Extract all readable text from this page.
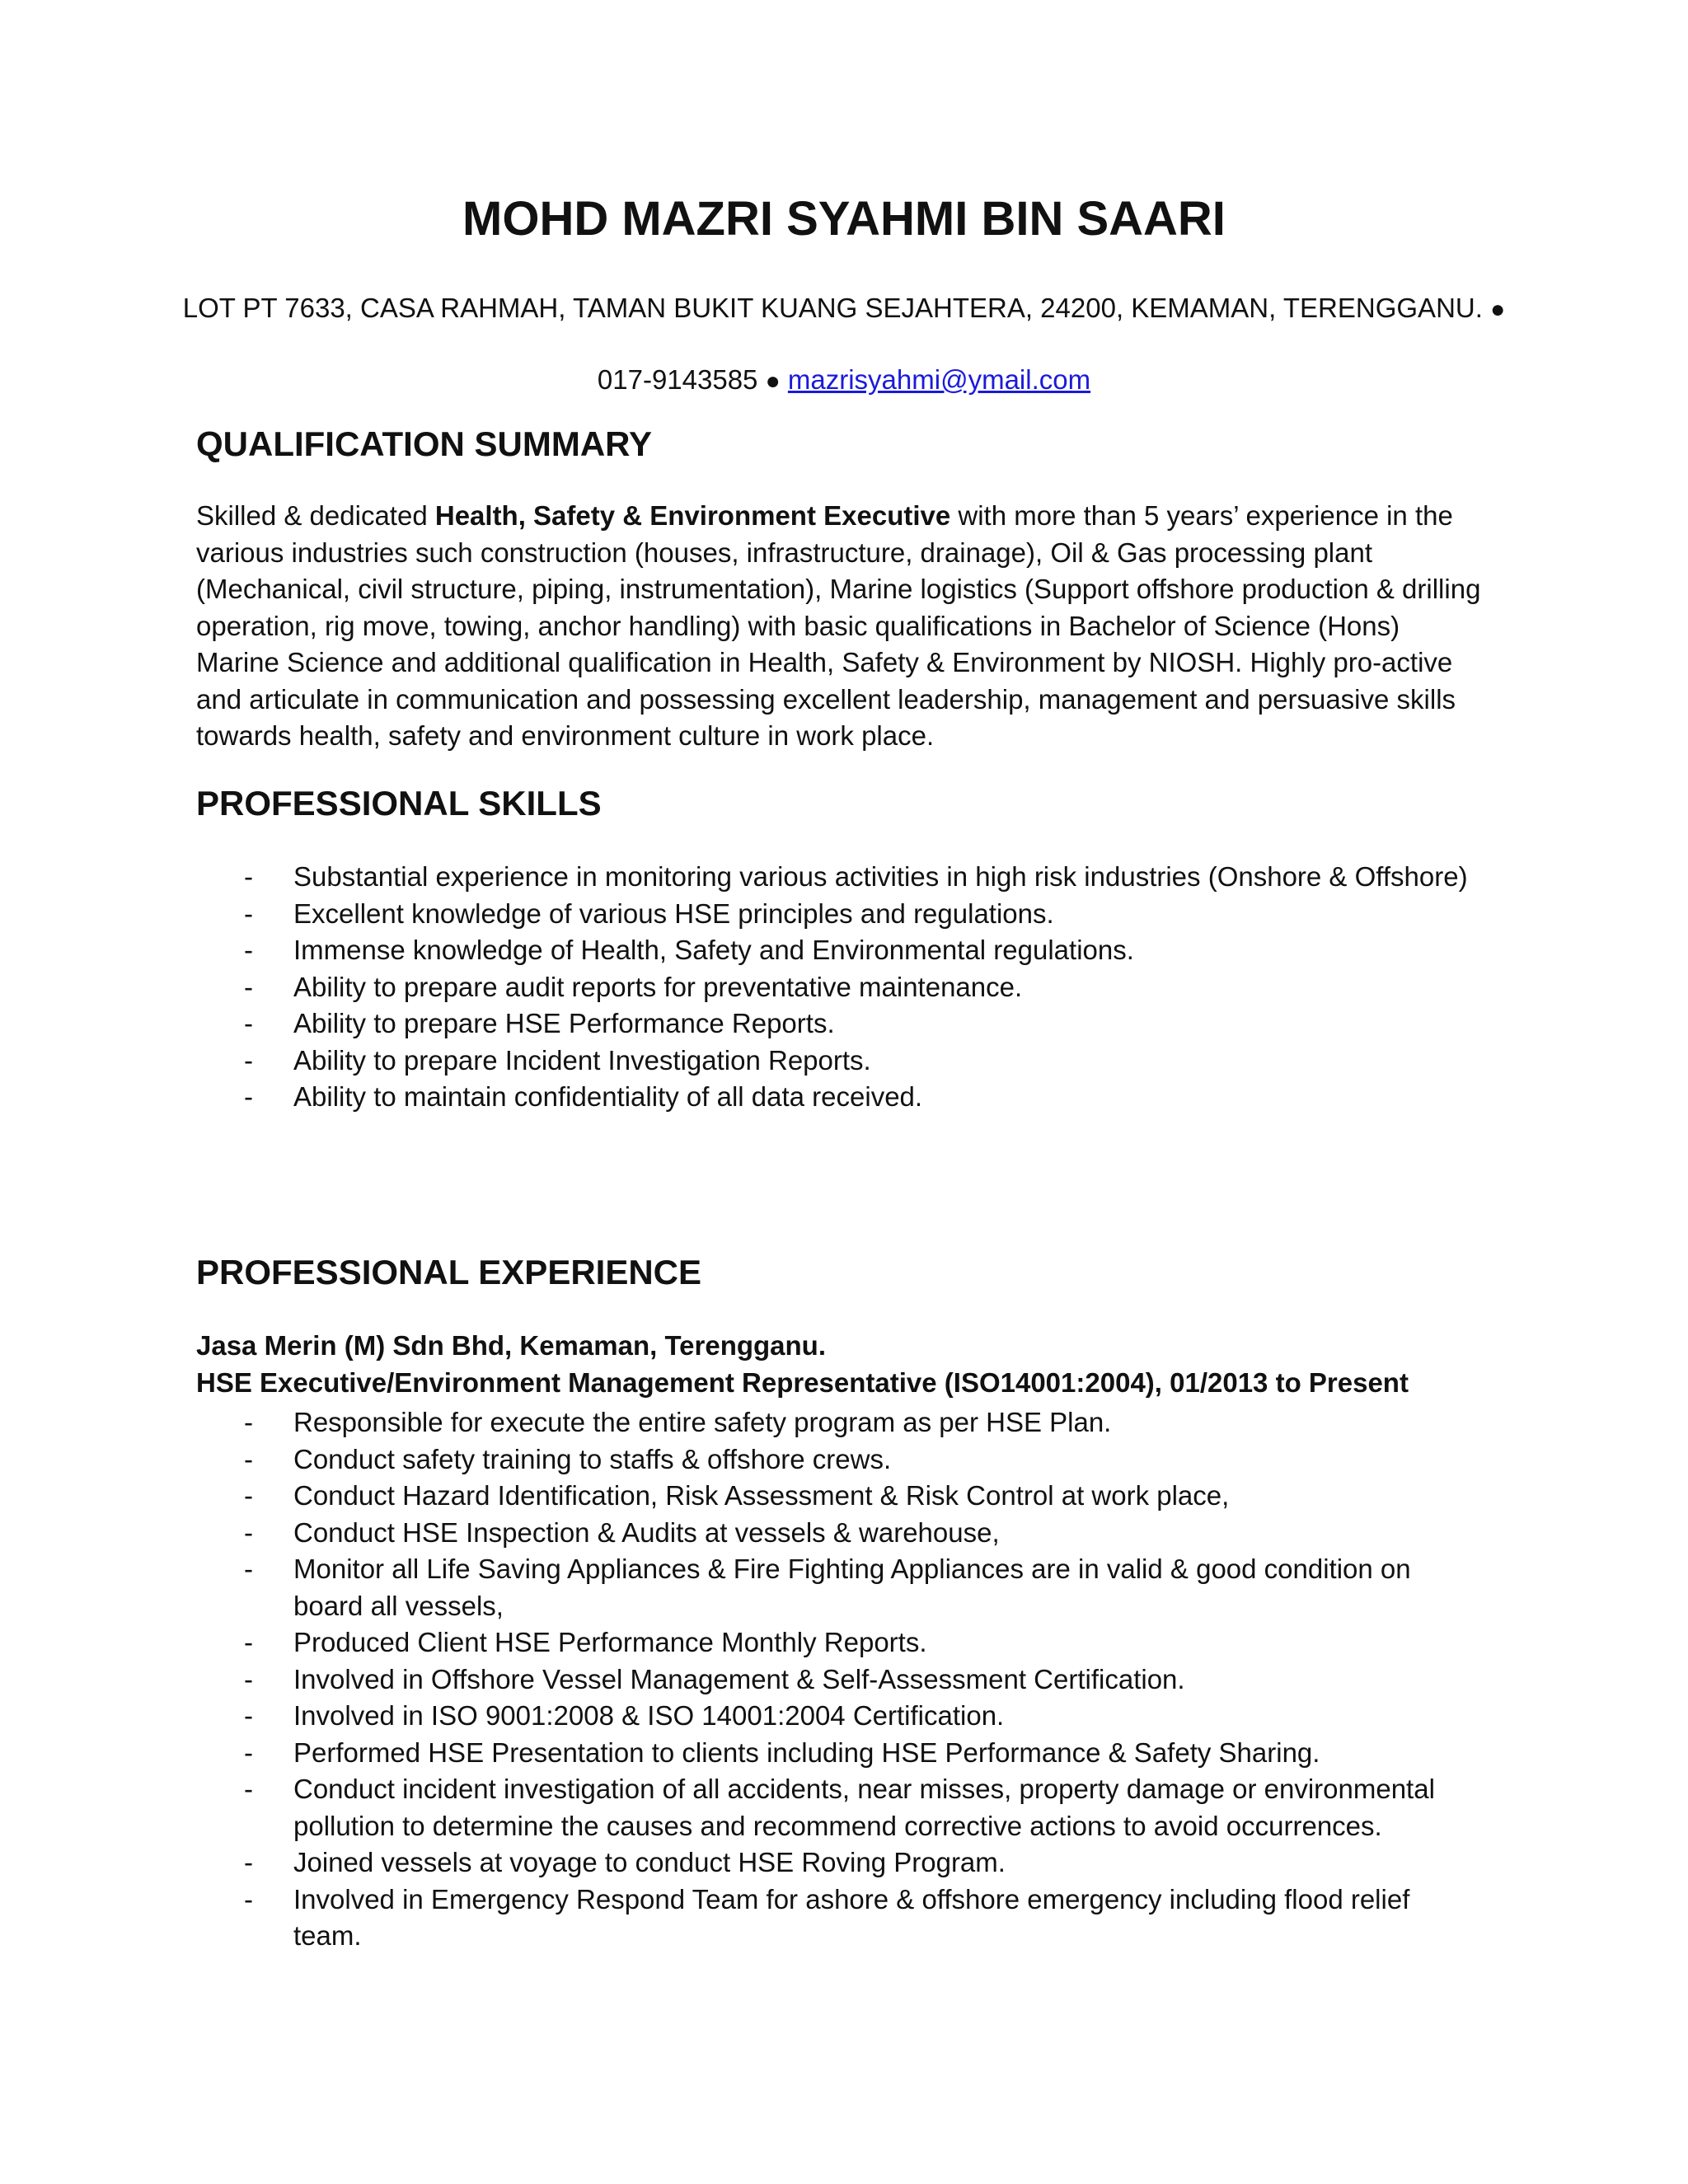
MOHD MAZRI SYAHMI BIN SAARI
LOT PT 7633, CASA RAHMAH, TAMAN BUKIT KUANG SEJAHTERA, 24200, KEMAMAN, TERENGGANU. ●
017-9143585 ● mazrisyahmi@ymail.com
QUALIFICATION SUMMARY
Skilled & dedicated Health, Safety & Environment Executive with more than 5 years’ experience in the various industries such construction (houses, infrastructure, drainage), Oil & Gas processing plant (Mechanical, civil structure, piping, instrumentation), Marine logistics (Support offshore production & drilling operation, rig move, towing, anchor handling) with basic qualifications in Bachelor of Science (Hons) Marine Science and additional qualification in Health, Safety & Environment by NIOSH. Highly pro-active and articulate in communication and possessing excellent leadership, management and persuasive skills towards health, safety and environment culture in work place.
PROFESSIONAL SKILLS
- Substantial experience in monitoring various activities in high risk industries (Onshore & Offshore)
- Excellent knowledge of various HSE principles and regulations.
- Immense knowledge of Health, Safety and Environmental regulations.
- Ability to prepare audit reports for preventative maintenance.
- Ability to prepare HSE Performance Reports.
- Ability to prepare Incident Investigation Reports.
- Ability to maintain confidentiality of all data received.
PROFESSIONAL EXPERIENCE
Jasa Merin (M) Sdn Bhd, Kemaman, Terengganu.
HSE Executive/Environment Management Representative (ISO14001:2004), 01/2013 to Present
- Responsible for execute the entire safety program as per HSE Plan.
- Conduct safety training to staffs & offshore crews.
- Conduct Hazard Identification, Risk Assessment & Risk Control at work place,
- Conduct HSE Inspection & Audits at vessels & warehouse,
- Monitor all Life Saving Appliances & Fire Fighting Appliances are in valid & good condition on board all vessels,
- Produced Client HSE Performance Monthly Reports.
- Involved in Offshore Vessel Management & Self-Assessment Certification.
- Involved in ISO 9001:2008 & ISO 14001:2004 Certification.
- Performed HSE Presentation to clients including HSE Performance & Safety Sharing.
- Conduct incident investigation of all accidents, near misses, property damage or environmental pollution to determine the causes and recommend corrective actions to avoid occurrences.
- Joined vessels at voyage to conduct HSE Roving Program.
- Involved in Emergency Respond Team for ashore & offshore emergency including flood relief team.
